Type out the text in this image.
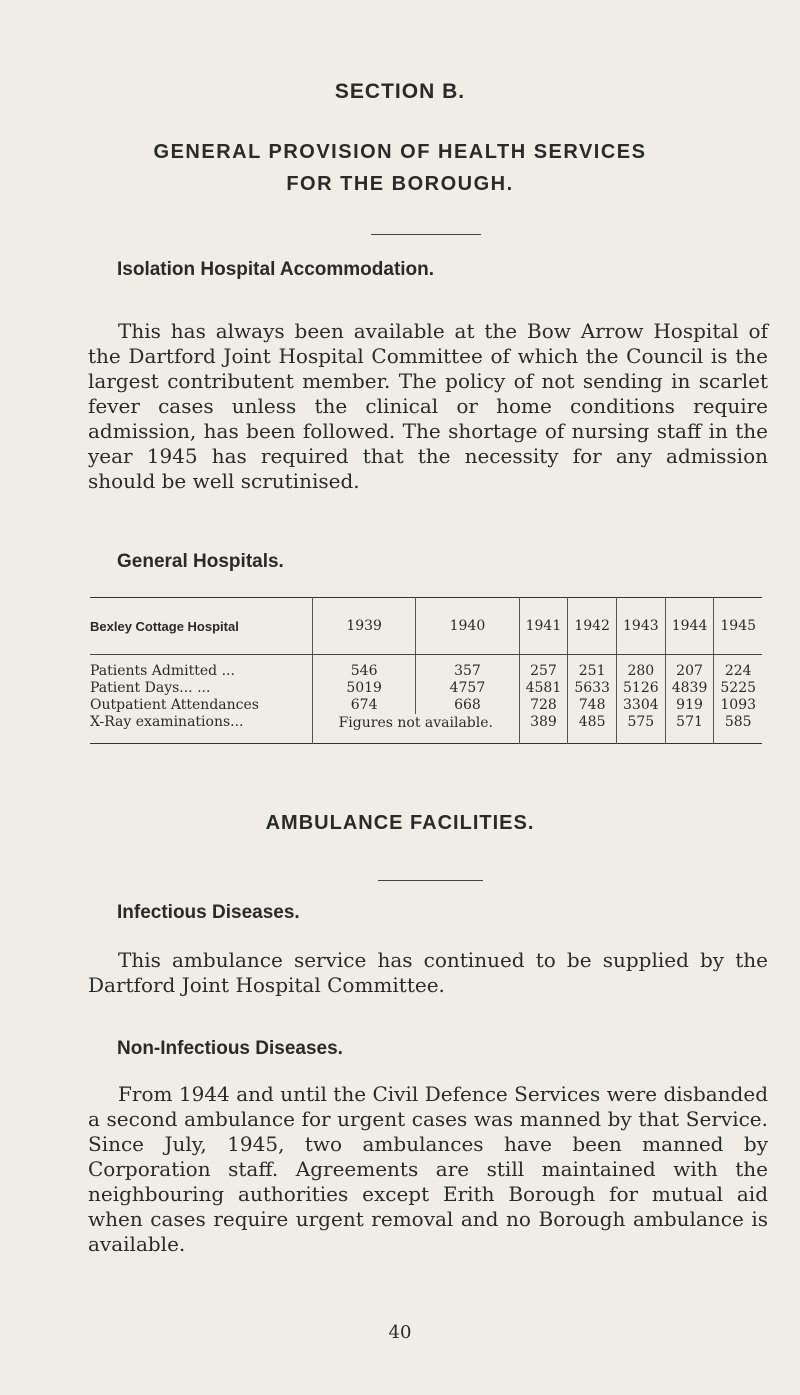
SECTION B.
GENERAL PROVISION OF HEALTH SERVICES
FOR THE BOROUGH.
Isolation Hospital Accommodation.

This has always been available at the Bow Arrow Hospital of the Dartford Joint Hospital Committee of which the Council is the largest contributent member. The policy of not sending in scarlet fever cases unless the clinical or home conditions require admission, has been followed. The shortage of nursing staff in the year 1945 has required that the necessity for any admission should be well scrutinised.

General Hospitals.
Bexley Cottage Hospital	1939	1940	1941	1942	1943	1944	1945
Patients Admitted ...	546	357	257	251	280	207	224
Patient Days... ...	5019	4757	4581	5633	5126	4839	5225
Outpatient Attendances	674	668	728	748	3304	919	1093
X-Ray examinations...	Figures not available.		389	485	575	571	585
AMBULANCE FACILITIES.
Infectious Diseases.

This ambulance service has continued to be supplied by the Dartford Joint Hospital Committee.

Non-Infectious Diseases.

From 1944 and until the Civil Defence Services were disbanded a second ambulance for urgent cases was manned by that Service. Since July, 1945, two ambulances have been manned by Corporation staff. Agreements are still maintained with the neighbouring authorities except Erith Borough for mutual aid when cases require urgent removal and no Borough ambulance is available.

40
